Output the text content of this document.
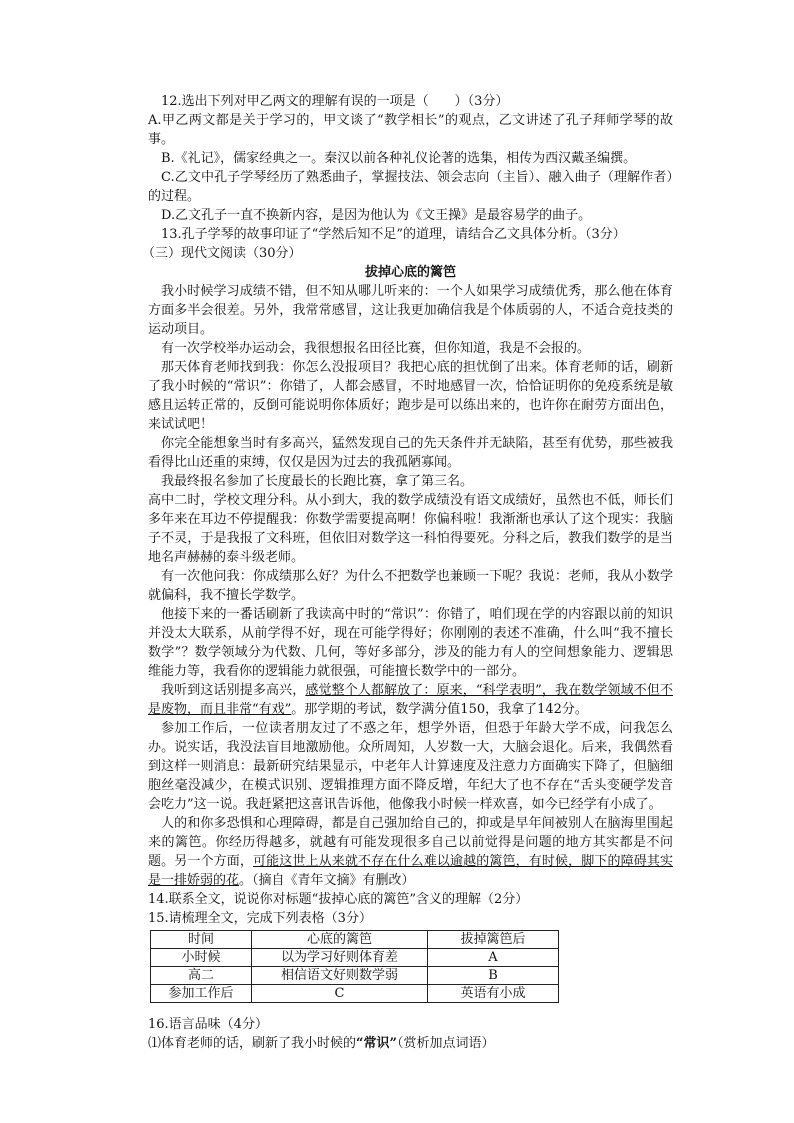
12.选出下列对甲乙两文的理解有误的一项是（　　）（3分）

A.甲乙两文都是关于学习的，甲文谈了“教学相长”的观点，乙文讲述了孔子拜师学琴的故事。

B.《礼记》，儒家经典之一。秦汉以前各种礼仪论著的选集，相传为西汉戴圣编撰。

C.乙文中孔子学琴经历了熟悉曲子，掌握技法、领会志向（主旨）、融入曲子（理解作者）的过程。

D.乙文孔子一直不换新内容，是因为他认为《文王操》是最容易学的曲子。

13.孔子学琴的故事印证了“学然后知不足”的道理，请结合乙文具体分析。（3分）

（三）现代文阅读（30分）

拔掉心底的篱笆

我小时候学习成绩不错，但不知从哪儿听来的：一个人如果学习成绩优秀，那么他在体育方面多半会很差。另外，我常常感冒，这让我更加确信我是个体质弱的人，不适合竞技类的运动项目。

有一次学校举办运动会，我很想报名田径比赛，但你知道，我是不会报的。

那天体育老师找到我：你怎么没报项目？我把心底的担忧倒了出来。体育老师的话，刷新了我小时候的“常识”：你错了，人都会感冒，不时地感冒一次，恰恰证明你的免疫系统是敏感且运转正常的，反倒可能说明你体质好；跑步是可以练出来的，也许你在耐劳方面出色，来试试吧！

你完全能想象当时有多高兴，猛然发现自己的先天条件并无缺陷，甚至有优势，那些被我看得比山还重的束缚，仅仅是因为过去的我孤陋寡闻。

我最终报名参加了长度最长的长跑比赛，拿了第三名。

高中二时，学校文理分科。从小到大，我的数学成绩没有语文成绩好，虽然也不低，师长们多年来在耳边不停提醒我：你数学需要提高啊！你偏科啦！我渐渐也承认了这个现实：我脑子不灵，于是我报了文科班，但依旧对数学这一科怕得要死。分科之后，教我们数学的是当地名声赫赫的泰斗级老师。

有一次他问我：你成绩那么好？为什么不把数学也兼顾一下呢？我说：老师，我从小数学就偏科，我不擅长学数学。

他接下来的一番话刷新了我读高中时的“常识”：你错了，咱们现在学的内容跟以前的知识并没太大联系，从前学得不好，现在可能学得好；你刚刚的表述不准确，什么叫“我不擅长数学”？数学领域分为代数、几何，等好多部分，涉及的能力有人的空间想象能力、逻辑思维能力等，我看你的逻辑能力就很强，可能擅长数学中的一部分。

我听到这话别提多高兴，感觉整个人都解放了：原来，“科学表明”，我在数学领域不但不是废物，而且非常“有戏”。那学期的考试，数学满分值150，我拿了142分。

参加工作后，一位读者朋友过了不惑之年，想学外语，但恐于年龄大学不成，问我怎么办。说实话，我没法盲目地激励他。众所周知，人岁数一大，大脑会退化。后来，我偶然看到这样一则消息：最新研究结果显示，中老年人计算速度及注意力方面确实下降了，但脑细胞丝毫没减少，在模式识别、逻辑推理方面不降反增，年纪大了也不存在“舌头变硬学发音会吃力”这一说。我赶紧把这喜讯告诉他，他像我小时候一样欢喜，如今已经学有小成了。

人的和你多恐惧和心理障碍，都是自己强加给自己的，抑或是早年间被别人在脑海里围起来的篱笆。你经历得越多，就越有可能发现很多自己以前觉得是问题的地方其实都是不问题。另一个方面，可能这世上从来就不存在什么难以逾越的篱笆，有时候，脚下的障碍其实是一排娇弱的花。（摘自《青年文摘》有删改）

14.联系全文，说说你对标题“拔掉心底的篱笆”含义的理解（2分）

15.请梳理全文，完成下列表格（3分）

时间	心底的篱笆	拔掉篱笆后
小时候	以为学习好则体育差	A
高二	相信语文好则数学弱	B
参加工作后	C	英语有小成

16.语言品味（4分）

⑴体育老师的话，刷新了我小时候的“常识”（赏析加点词语）
